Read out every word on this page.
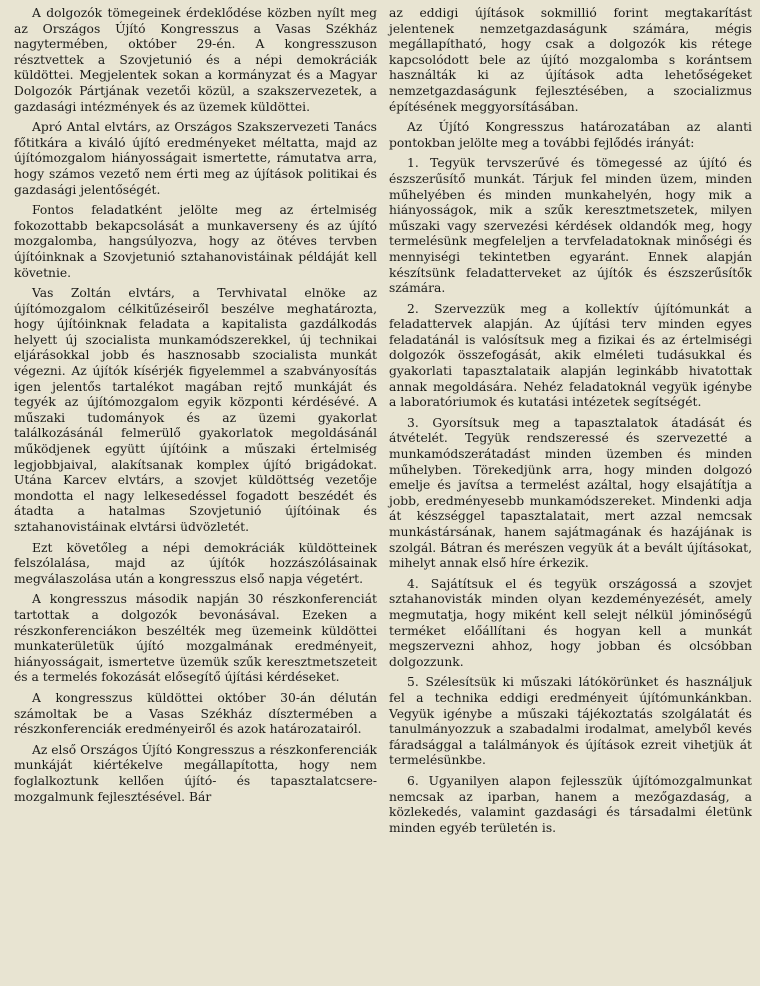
A dolgozók tömegeinek érdeklődése közben nyílt meg az Országos Újító Kongresszus a Vasas Székház nagytermében, október 29-én. A kongresszuson résztvettek a Szovjetunió és a népi demokráciák küldöttei. Megjelentek sokan a kormányzat és a Magyar Dolgozók Pártjának vezetői közül, a szakszervezetek, a gazdasági intézmények és az üzemek küldöttei.

Apró Antal elvtárs, az Országos Szakszervezeti Tanács főtitkára a kiváló újító eredményeket méltatta, majd az újítómozgalom hiányosságait ismertette, rámutatva arra, hogy számos vezető nem érti meg az újítások politikai és gazdasági jelentőségét.

Fontos feladatként jelölte meg az értelmiség fokozottabb bekapcsolását a munkaverseny és az újító mozgalomba, hangsúlyozva, hogy az ötéves tervben újítóinknak a Szovjetunió sztahanovistáinak példáját kell követnie.

Vas Zoltán elvtárs, a Tervhivatal elnöke az újítómozgalom célkitűzéseiről beszélve meghatározta, hogy újítóinknak feladata a kapitalista gazdálkodás helyett új szocialista munkamódszerekkel, új technikai eljárásokkal jobb és hasznosabb szocialista munkát végezni. Az újítók kísérjék figyelemmel a szabványosítás igen jelentős tartalékot magában rejtő munkáját és tegyék az újítómozgalom egyik központi kérdésévé. A műszaki tudományok és az üzemi gyakorlat találkozásánál felmerülő gyakorlatok megoldásánál működjenek együtt újítóink a műszaki értelmiség legjobbjaival, alakítsanak komplex újító brigádokat. Utána Karcev elvtárs, a szovjet küldöttség vezetője mondotta el nagy lelkesedéssel fogadott beszédét és átadta a hatalmas Szovjetunió újítóinak és sztahanovistáinak elvtársi üdvözletét.

Ezt követőleg a népi demokráciák küldötteinek felszólalása, majd az újítók hozzászólásainak megválaszolása után a kongresszus első napja végetért.

A kongresszus második napján 30 részkonferenciát tartottak a dolgozók bevonásával. Ezeken a részkonferenciákon beszélték meg üzemeink küldöttei munkaterületük újító mozgalmának eredményeit, hiányosságait, ismertetve üzemük szűk keresztmetszeteit és a termelés fokozását elősegítő újítási kérdéseket.

A kongresszus küldöttei október 30-án délután számoltak be a Vasas Székház dísztermében a részkonferenciák eredményeiről és azok határozatairól.

Az első Országos Újító Kongresszus a részkonferenciák munkáját kiértékelve megállapította, hogy nem foglalkoztunk kellően újító- és tapasztalatcsere-mozgalmunk fejlesztésével. Bár

az eddigi újítások sokmillió forint megtakarítást jelentenek nemzetgazdaságunk számára, mégis megállapítható, hogy csak a dolgozók kis rétege kapcsolódott bele az újító mozgalomba s korántsem használták ki az újítások adta lehetőségeket nemzetgazdaságunk fejlesztésében, a szocializmus építésének meggyorsításában.

Az Újító Kongresszus határozatában az alanti pontokban jelölte meg a további fejlődés irányát:

1. Tegyük tervszerűvé és tömegessé az újító és észszerűsítő munkát. Tárjuk fel minden üzem, minden műhelyében és minden munkahelyén, hogy mik a hiányosságok, mik a szűk keresztmetszetek, milyen műszaki vagy szervezési kérdések oldandók meg, hogy termelésünk megfeleljen a tervfeladatoknak minőségi és mennyiségi tekintetben egyaránt. Ennek alapján készítsünk feladatterveket az újítók és észszerűsítők számára.

2. Szervezzük meg a kollektív újítómunkát a feladattervek alapján. Az újítási terv minden egyes feladatánál is valósítsuk meg a fizikai és az értelmiségi dolgozók összefogását, akik elméleti tudásukkal és gyakorlati tapasztalataik alapján leginkább hivatottak annak megoldására. Nehéz feladatoknál vegyük igénybe a laboratóriumok és kutatási intézetek segítségét.

3. Gyorsítsuk meg a tapasztalatok átadását és átvételét. Tegyük rendszeressé és szervezetté a munkamódszerátadást minden üzemben és minden műhelyben. Törekedjünk arra, hogy minden dolgozó emelje és javítsa a termelést azáltal, hogy elsajátítja a jobb, eredményesebb munkamódszereket. Mindenki adja át készséggel tapasztalatait, mert azzal nemcsak munkástársának, hanem sajátmagának és hazájának is szolgál. Bátran és merészen vegyük át a bevált újításokat, mihelyt annak első híre érkezik.

4. Sajátítsuk el és tegyük országossá a szovjet sztahanovisták minden olyan kezdeményezését, amely megmutatja, hogy miként kell selejt nélkül jóminőségű terméket előállítani és hogyan kell a munkát megszervezni ahhoz, hogy jobban és olcsóbban dolgozzunk.

5. Szélesítsük ki műszaki látókörünket és használjuk fel a technika eddigi eredményeit újítómunkánkban. Vegyük igénybe a műszaki tájékoztatás szolgálatát és tanulmányozzuk a szabadalmi irodalmat, amelyből kevés fáradsággal a találmányok és újítások ezreit vihetjük át termelésünkbe.

6. Ugyanilyen alapon fejlesszük újítómozgalmunkat nemcsak az iparban, hanem a mezőgazdaság, a közlekedés, valamint gazdasági és társadalmi életünk minden egyéb területén is.
